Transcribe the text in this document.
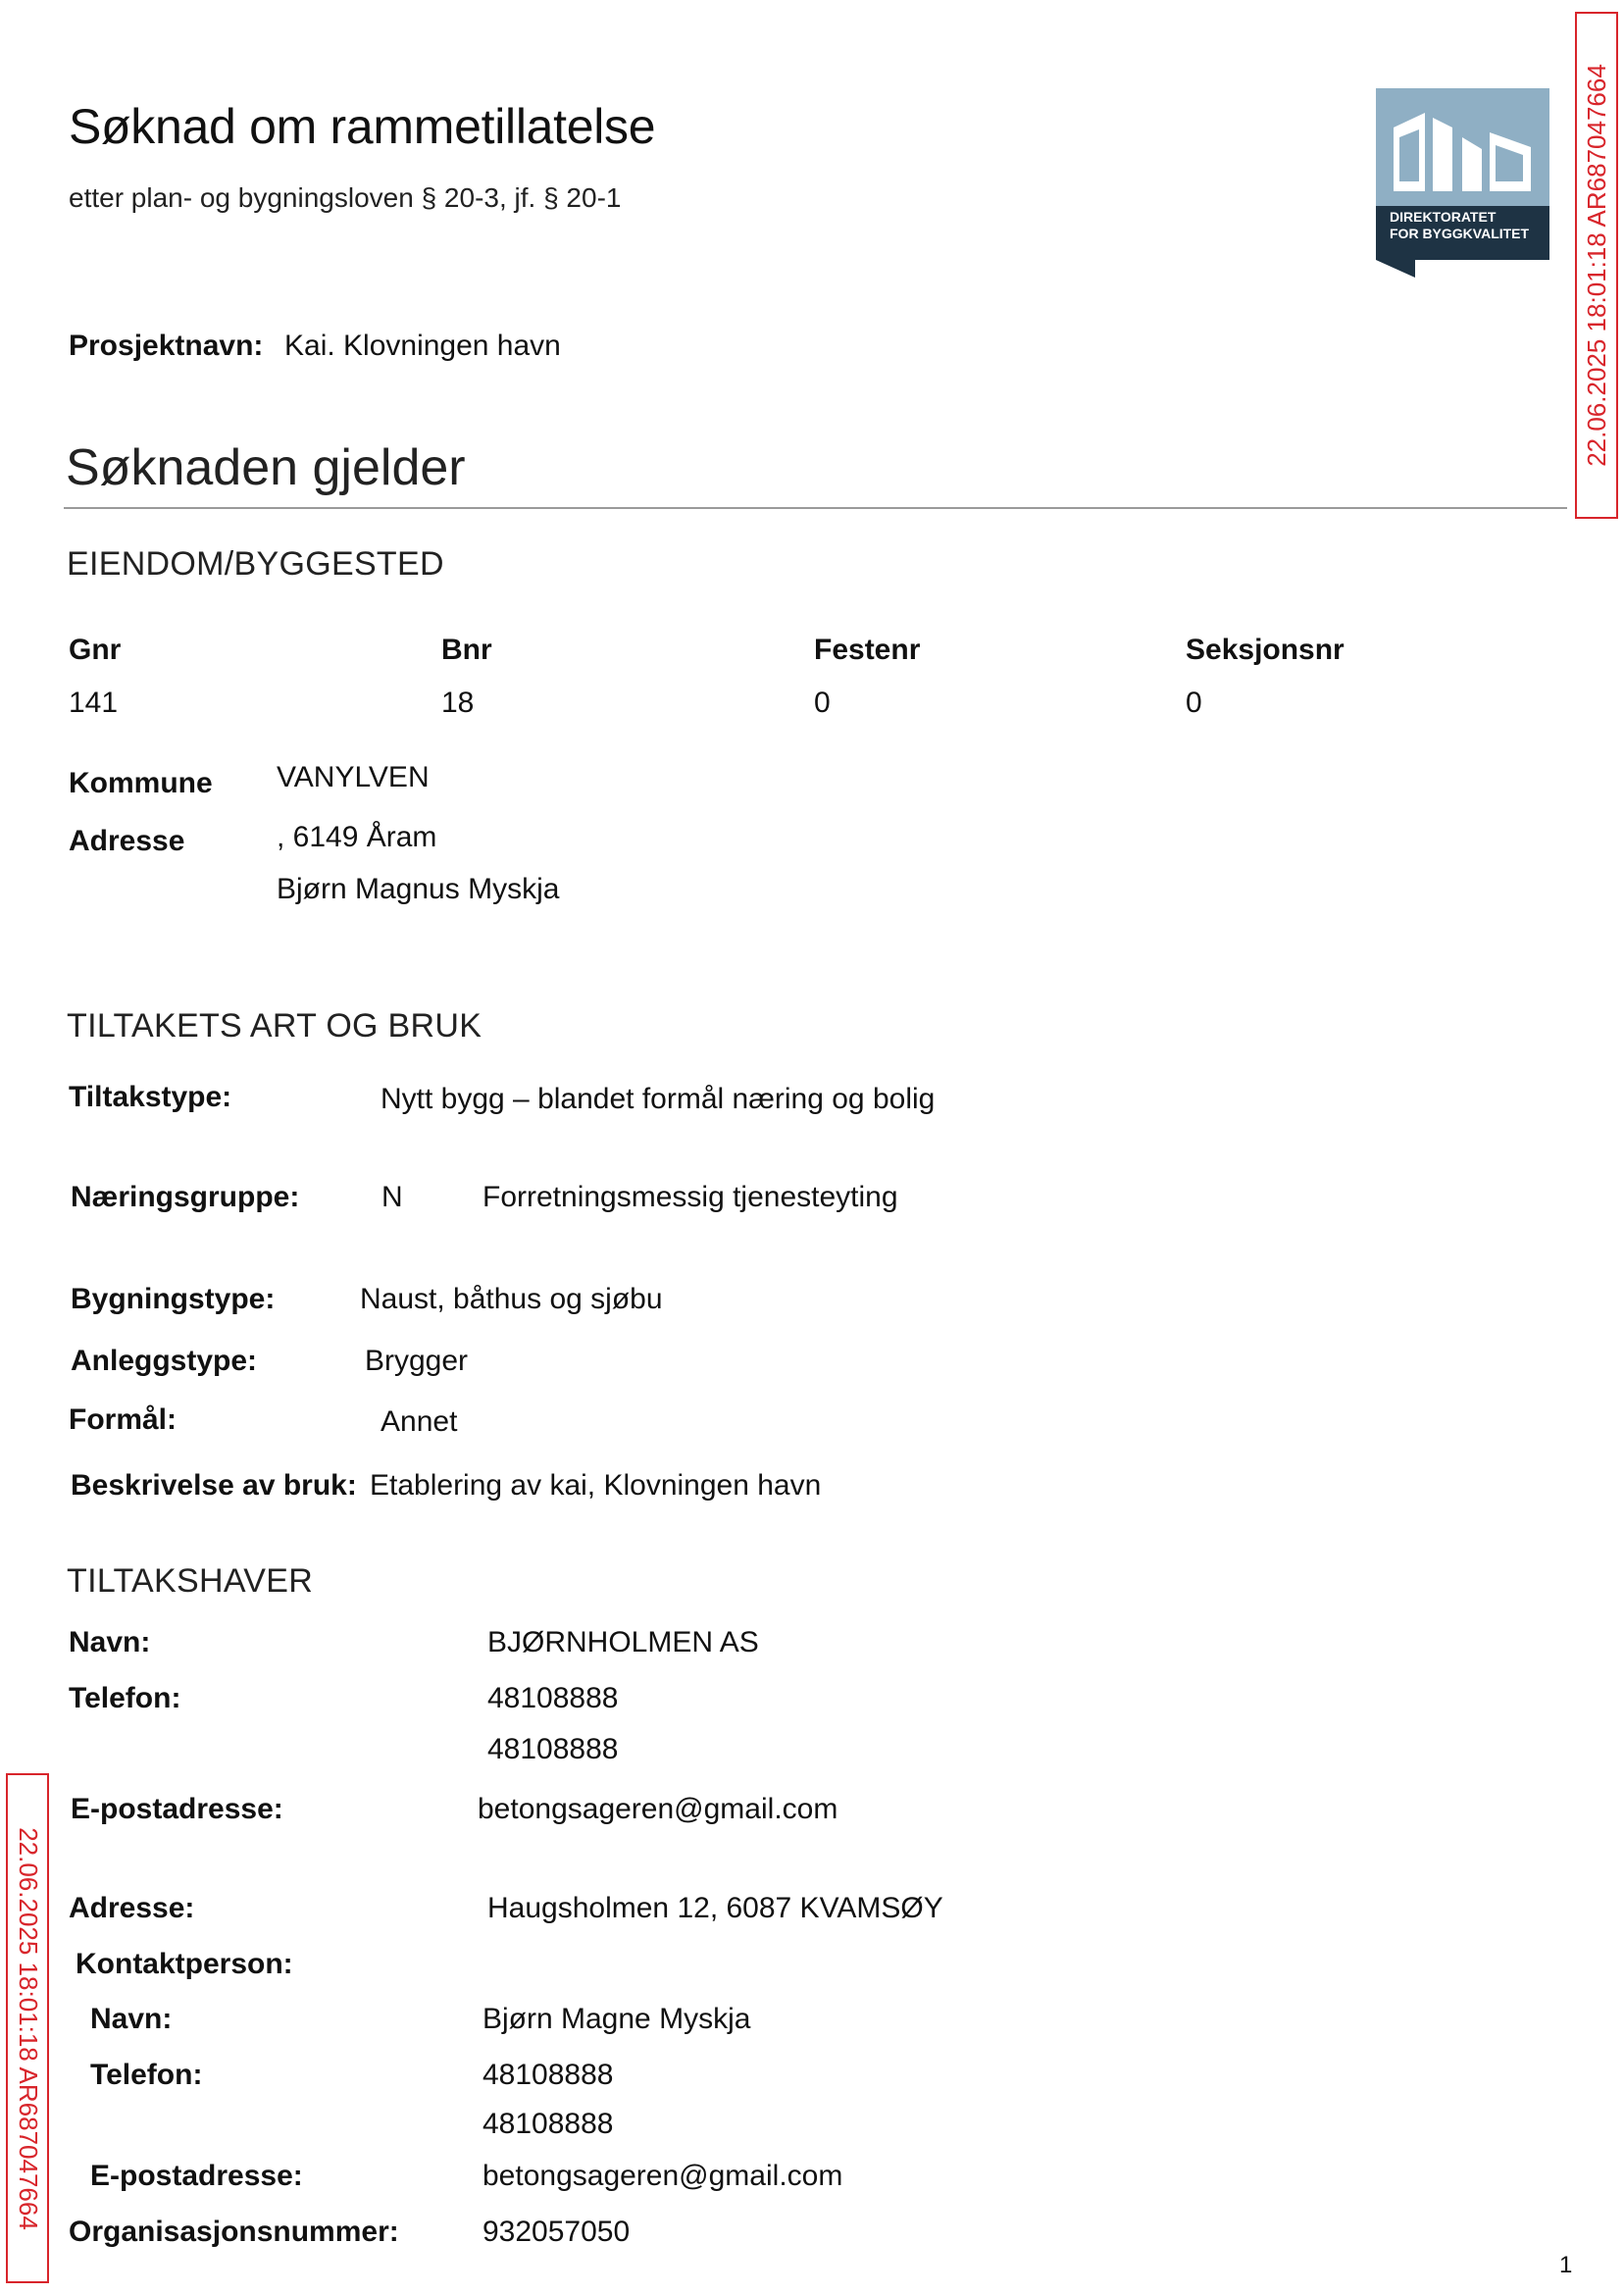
Søknad om rammetillatelse
etter plan- og bygningsloven § 20-3, jf. § 20-1
DIREKTORATET
FOR BYGGKVALITET 22.06.2025 18:01:18 AR687047664
22.06.2025 18:01:18 AR687047664
Prosjektnavn: Kai. Klovningen havn
Søknaden gjelder
EIENDOM/BYGGESTED
Gnr	Bnr	Festenr	Seksjonsnr
141	18	0	0
Kommune VANYLVEN
Adresse	, 6149 Åram
Bjørn Magnus Myskja
TILTAKETS ART OG BRUK
Tiltakstype:	Nytt bygg – blandet formål næring og bolig
Næringsgruppe:	N	Forretningsmessig tjenesteyting
Bygningstype:	Naust, båthus og sjøbu
Anleggstype:	Brygger
Formål:	Annet
Beskrivelse av bruk: Etablering av kai, Klovningen havn
TILTAKSHAVER
Navn:	BJØRNHOLMEN AS
Telefon:	48108888
48108888
E-postadresse:	betongsageren@gmail.com
Adresse:	Haugsholmen 12, 6087 KVAMSØY
Kontaktperson:
Navn:	Bjørn Magne Myskja
Telefon:	48108888
48108888
E-postadresse:	betongsageren@gmail.com
Organisasjonsnummer:	932057050
1
